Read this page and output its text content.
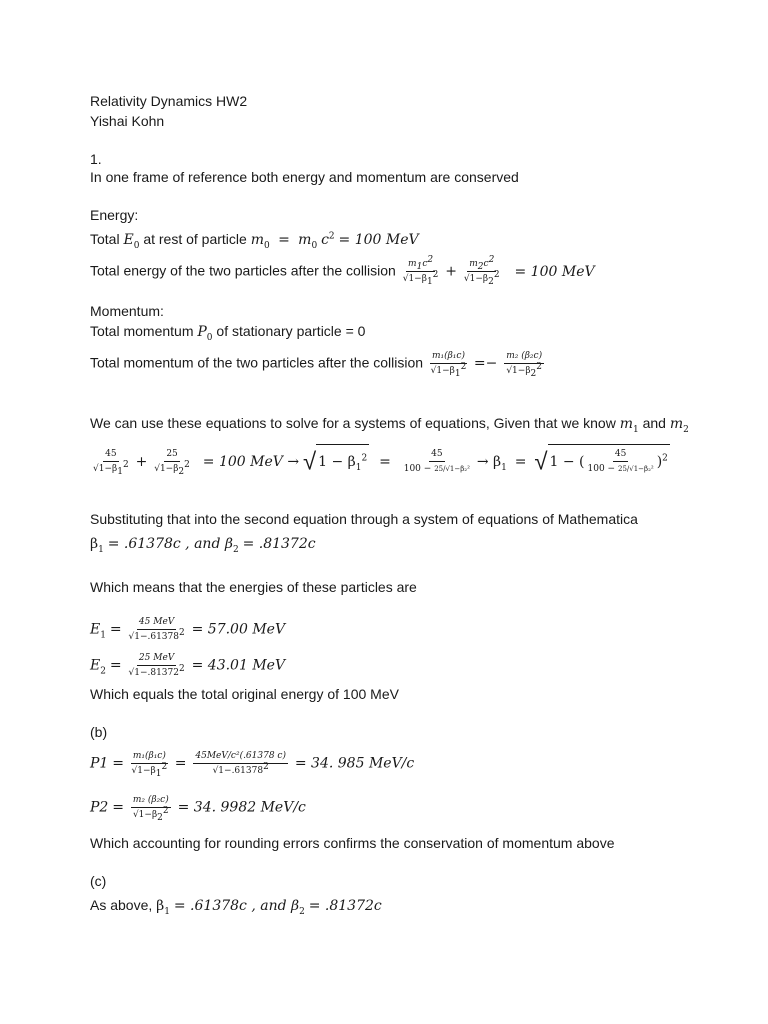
Relativity Dynamics HW2
Yishai Kohn
1.
In one frame of reference both energy and momentum are conserved
Energy:
Total $E_0$ at rest of particle $m_0 = m_0$ $c^2 = 100$ MeV
Total energy of the two particles after the collision $\frac{m_1c^2}{√1-\beta_1^2} + \frac{m_2c^2}{√1-\beta_2^2} = 100$ MeV
Momentum:
Total momentum $P_0$ of stationary particle = 0
Total momentum of the two particles after the collision $\frac{\text{m₁(β₁c)}}{√1-\beta_1^2} =- \frac{\text{m₂ (β₂c)}}{√1-\beta_2^2}$
We can use these equations to solve for a systems of equations, Given that we know $m_1$ and $m_2$
$\frac{45}{√1-\beta_1^2} + \frac{25}{√1-\beta_2^2} = 100$ MeV → √ $1 - \beta_1^2 = \frac{45}{\text{100 − 25/√1−β₂²}} \to \beta_1$ = √ 1 − ( $\frac{45}{\text{100 − 25/√1−β₂²}} )^2$
Substituting that into the second equation through a system of equations of Mathematica
$\beta_1 = .61378c$ , and $\beta_2 = .81372c$
Which means that the energies of these particles are
$E_1 = \frac{\text{45 MeV}}{√1-.61378^2} = 57.00$ MeV
$E_2 = \frac{\text{25 MeV}}{√1-.81372^2} = 43.01$ MeV
Which equals the total original energy of 100 MeV
(b)
$P1 = \frac{\text{m₁(β₁c)}}{√1-\beta_1^2} = \frac{\text{45MeV/c²(.61378 c)}}{√1-.61378^2} = 34$. 985 MeV/c
$P2 = \frac{\text{m₂ (β₂c)}}{√1-\beta_2^2} = 34$. 9982 MeV/c
Which accounting for rounding errors confirms the conservation of momentum above
(c)
As above, $\beta_1 = .61378c$ , and $\beta_2 = .81372c$
